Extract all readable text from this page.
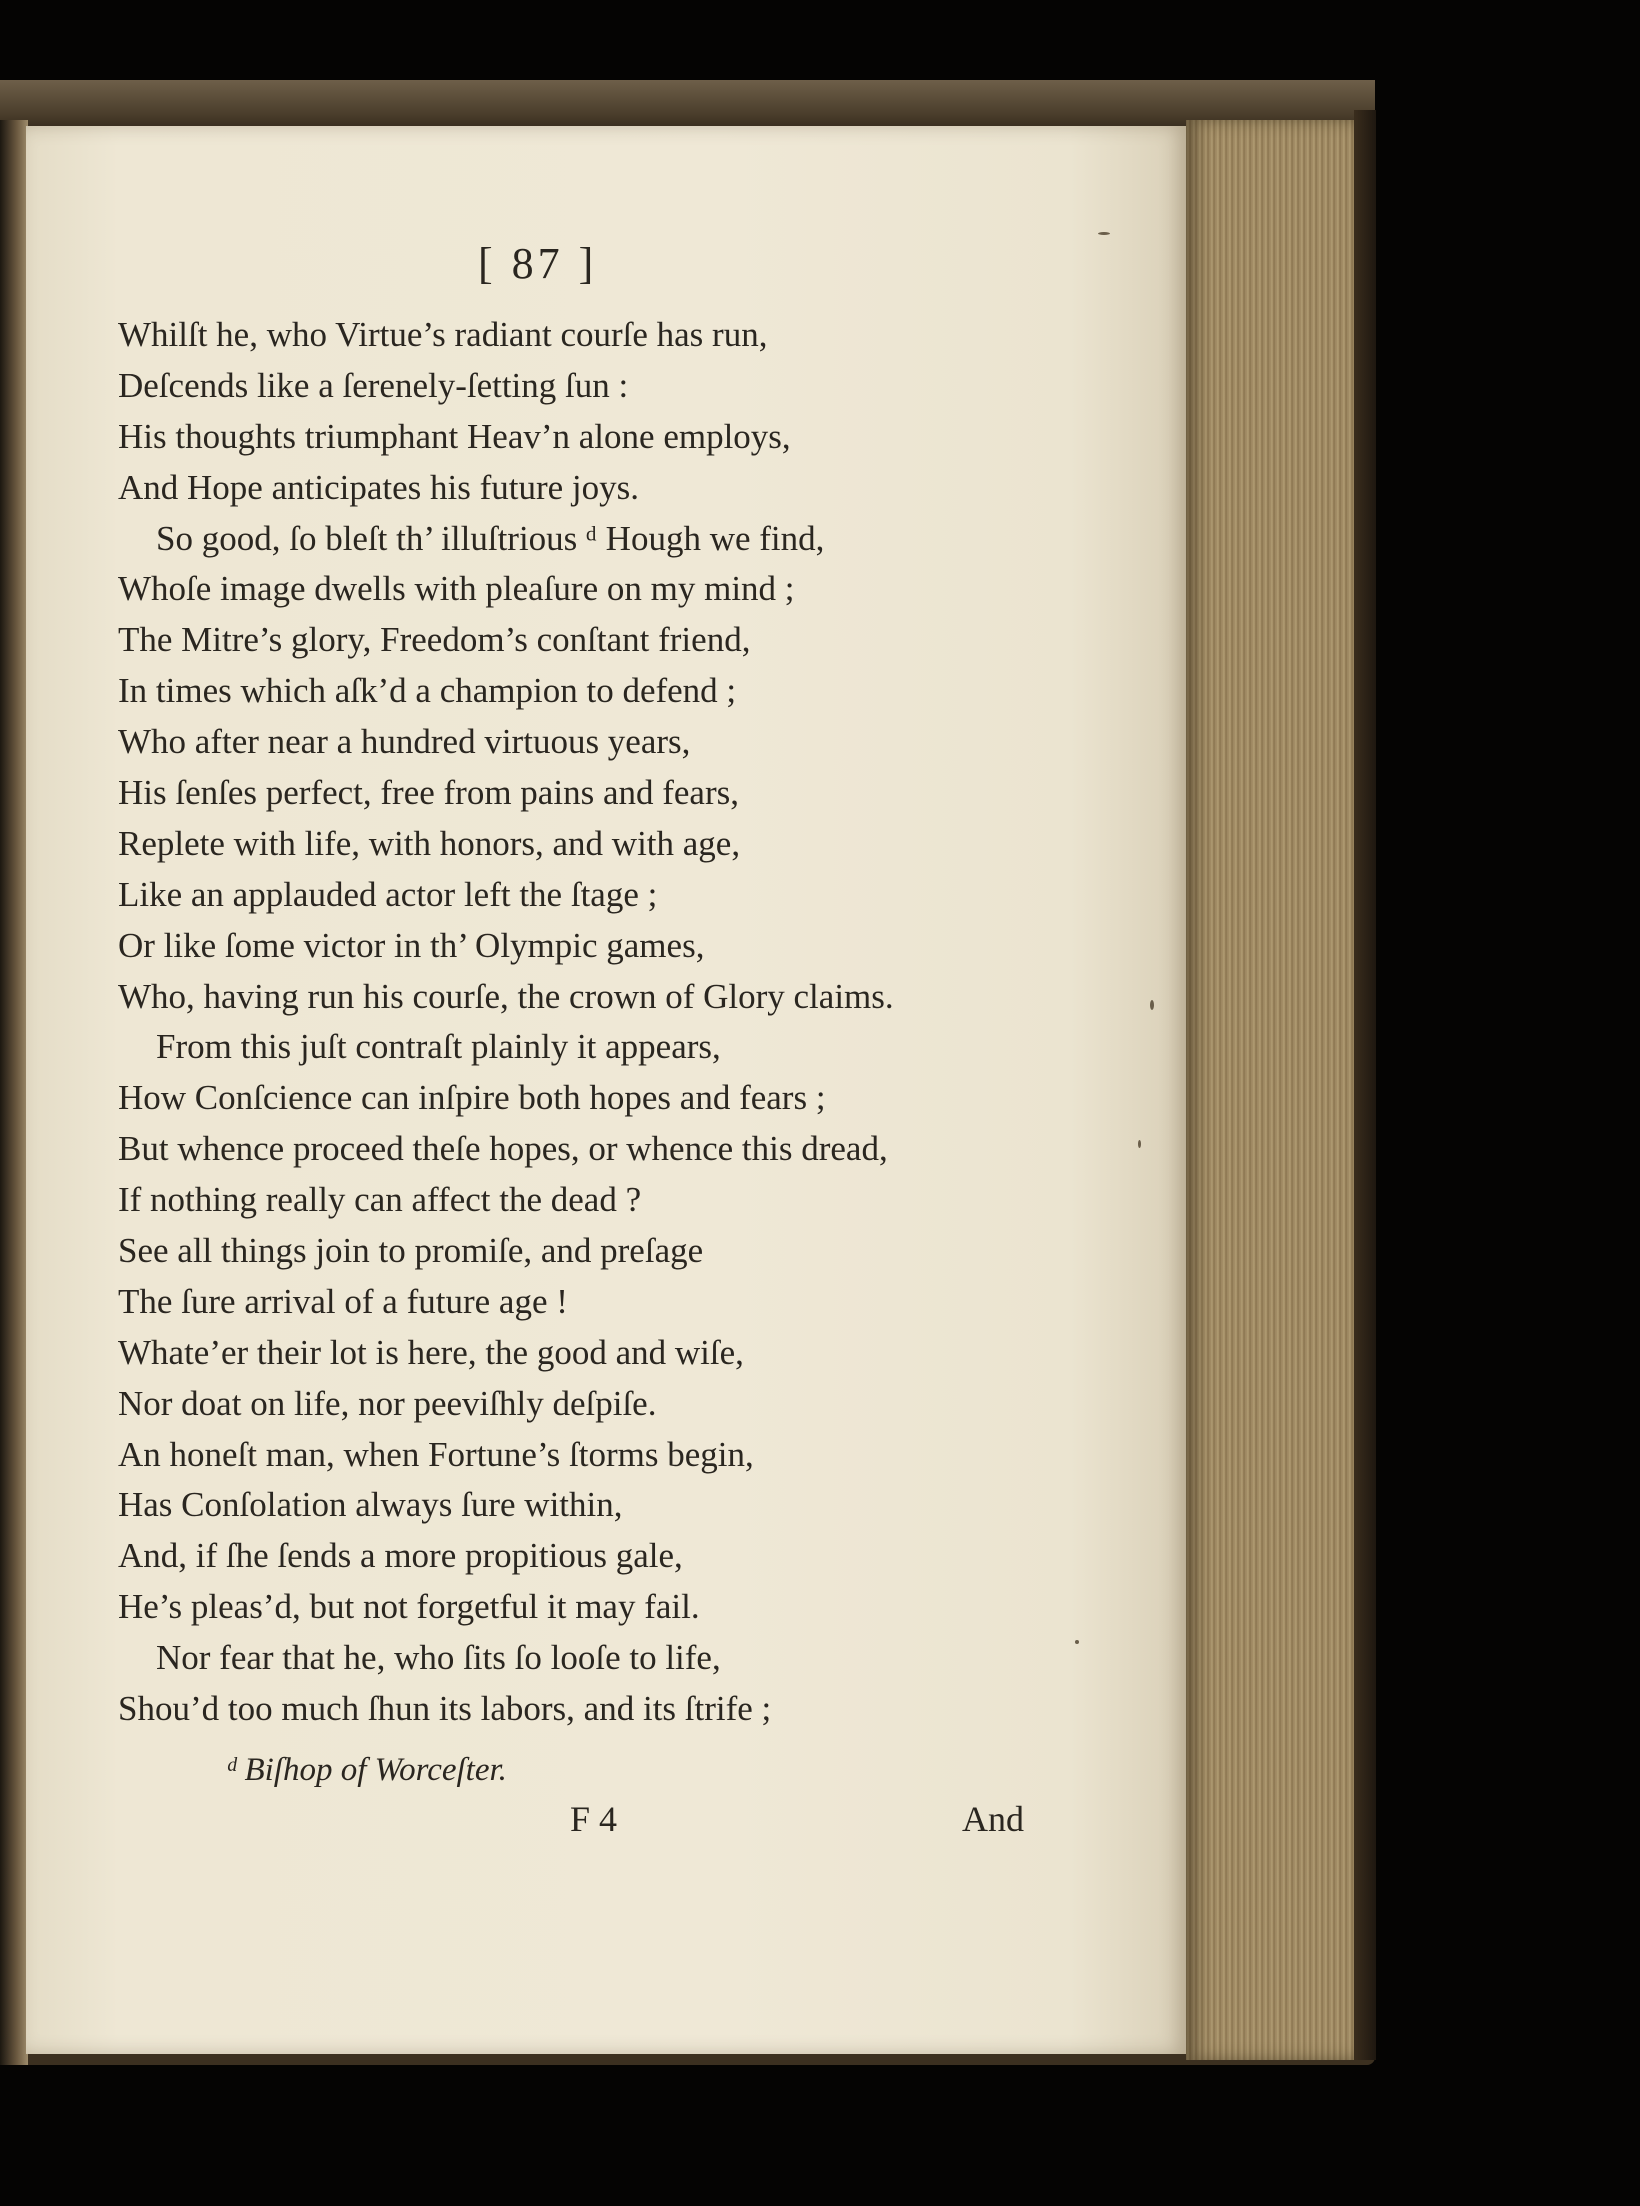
[ 87 ]
Whilſt he, who Virtue’s radiant courſe has run,
Deſcends like a ſerenely-ſetting ſun :
His thoughts triumphant Heav’n alone employs,
And Hope anticipates his future joys.
So good, ſo bleſt th’ illuſtrious ᵈ Hough we find,
Whoſe image dwells with pleaſure on my mind ;
The Mitre’s glory, Freedom’s conſtant friend,
In times which aſk’d a champion to defend ;
Who after near a hundred virtuous years,
His ſenſes perfect, free from pains and fears,
Replete with life, with honors, and with age,
Like an applauded actor left the ſtage ;
Or like ſome victor in th’ Olympic games,
Who, having run his courſe, the crown of Glory claims.
From this juſt contraſt plainly it appears,
How Conſcience can inſpire both hopes and fears ;
But whence proceed theſe hopes, or whence this dread,
If nothing really can affect the dead ?
See all things join to promiſe, and preſage
The ſure arrival of a future age !
Whate’er their lot is here, the good and wiſe,
Nor doat on life, nor peeviſhly deſpiſe.
An honeſt man, when Fortune’s ſtorms begin,
Has Conſolation always ſure within,
And, if ſhe ſends a more propitious gale,
He’s pleas’d, but not forgetful it may fail.
Nor fear that he, who ſits ſo looſe to life,
Shou’d too much ſhun its labors, and its ſtrife ;
ᵈ Biſhop of Worceſter.
F 4	And
